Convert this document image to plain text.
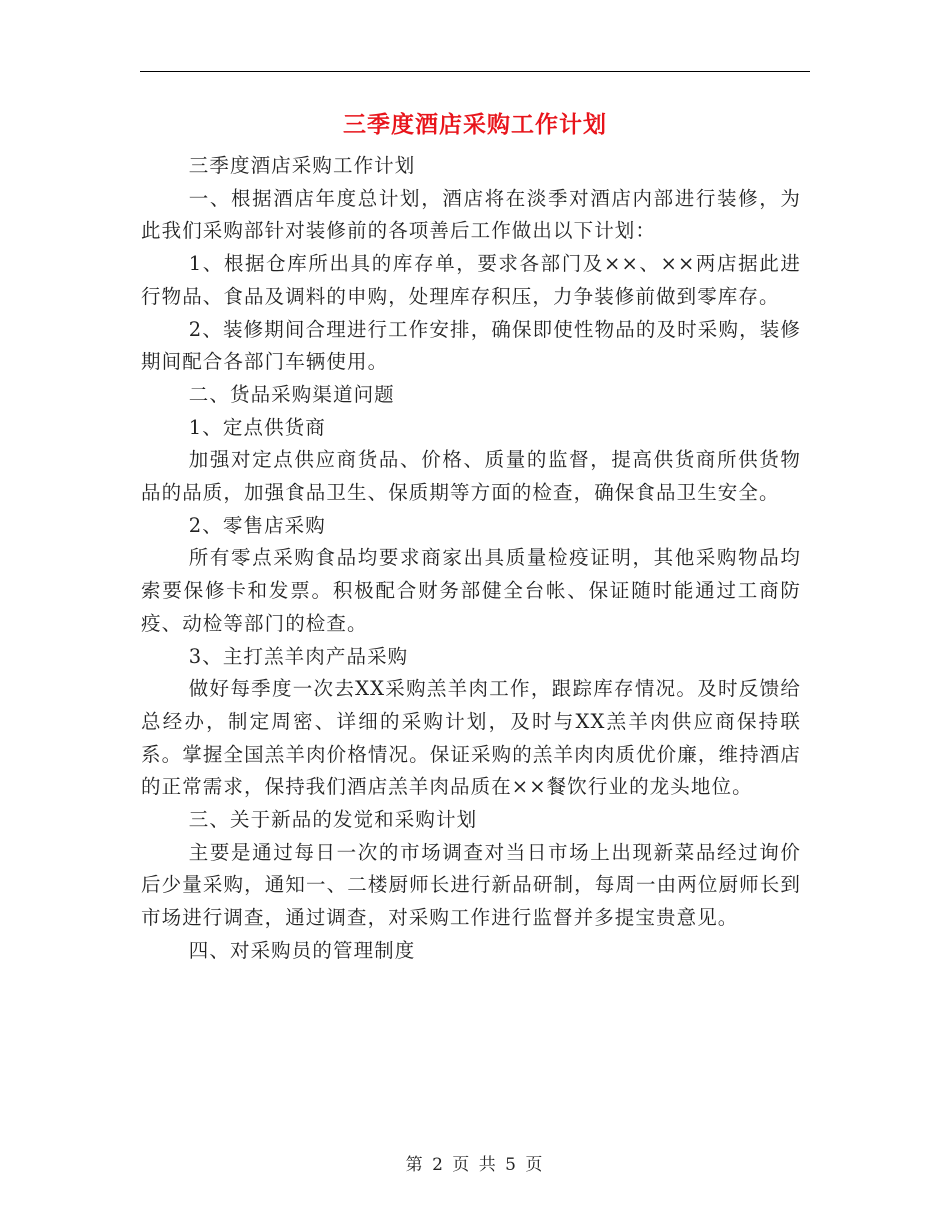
三季度酒店采购工作计划

三季度酒店采购工作计划

一、根据酒店年度总计划，酒店将在淡季对酒店内部进行装修，为此我们采购部针对装修前的各项善后工作做出以下计划：

1、根据仓库所出具的库存单，要求各部门及××、××两店据此进行物品、食品及调料的申购，处理库存积压，力争装修前做到零库存。

2、装修期间合理进行工作安排，确保即使性物品的及时采购，装修期间配合各部门车辆使用。

二、货品采购渠道问题

1、定点供货商

加强对定点供应商货品、价格、质量的监督，提高供货商所供货物品的品质，加强食品卫生、保质期等方面的检查，确保食品卫生安全。

2、零售店采购

所有零点采购食品均要求商家出具质量检疫证明，其他采购物品均索要保修卡和发票。积极配合财务部健全台帐、保证随时能通过工商防疫、动检等部门的检查。

3、主打羔羊肉产品采购

做好每季度一次去XX采购羔羊肉工作，跟踪库存情况。及时反馈给总经办，制定周密、详细的采购计划，及时与XX羔羊肉供应商保持联系。掌握全国羔羊肉价格情况。保证采购的羔羊肉肉质优价廉，维持酒店的正常需求，保持我们酒店羔羊肉品质在××餐饮行业的龙头地位。

三、关于新品的发觉和采购计划

主要是通过每日一次的市场调查对当日市场上出现新菜品经过询价后少量采购，通知一、二楼厨师长进行新品研制，每周一由两位厨师长到市场进行调查，通过调查，对采购工作进行监督并多提宝贵意见。

四、对采购员的管理制度

第 2 页 共 5 页
